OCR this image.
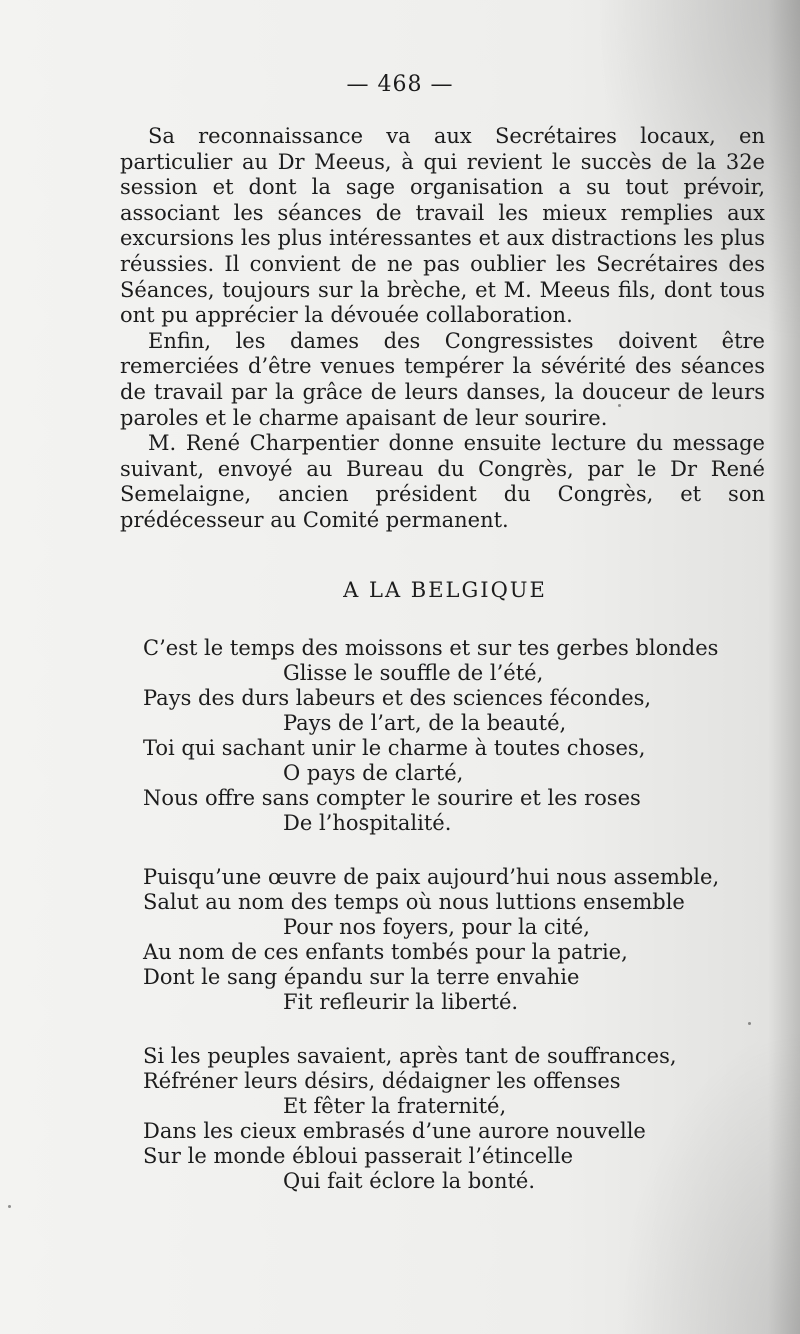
— 468 —

Sa reconnaissance va aux Secrétaires locaux, en particulier au Dr Meeus, à qui revient le succès de la 32e session et dont la sage organisation a su tout prévoir, associant les séances de travail les mieux remplies aux excursions les plus intéressantes et aux distractions les plus réussies. Il convient de ne pas oublier les Secrétaires des Séances, toujours sur la brèche, et M. Meeus fils, dont tous ont pu apprécier la dévouée collaboration.

Enfin, les dames des Congressistes doivent être remerciées d’être venues tempérer la sévérité des séances de travail par la grâce de leurs danses, la douceur de leurs paroles et le charme apaisant de leur sourire.

M. René Charpentier donne ensuite lecture du message suivant, envoyé au Bureau du Congrès, par le Dr René Semelaigne, ancien président du Congrès, et son prédécesseur au Comité permanent.

A LA BELGIQUE
C’est le temps des moissons et sur tes gerbes blondes
Glisse le souffle de l’été,
Pays des durs labeurs et des sciences fécondes,
Pays de l’art, de la beauté,
Toi qui sachant unir le charme à toutes choses,
O pays de clarté,
Nous offre sans compter le sourire et les roses
De l’hospitalité.
Puisqu’une œuvre de paix aujourd’hui nous assemble,
Salut au nom des temps où nous luttions ensemble
Pour nos foyers, pour la cité,
Au nom de ces enfants tombés pour la patrie,
Dont le sang épandu sur la terre envahie
Fit refleurir la liberté.
Si les peuples savaient, après tant de souffrances,
Réfréner leurs désirs, dédaigner les offenses
Et fêter la fraternité,
Dans les cieux embrasés d’une aurore nouvelle
Sur le monde ébloui passerait l’étincelle
Qui fait éclore la bonté.
